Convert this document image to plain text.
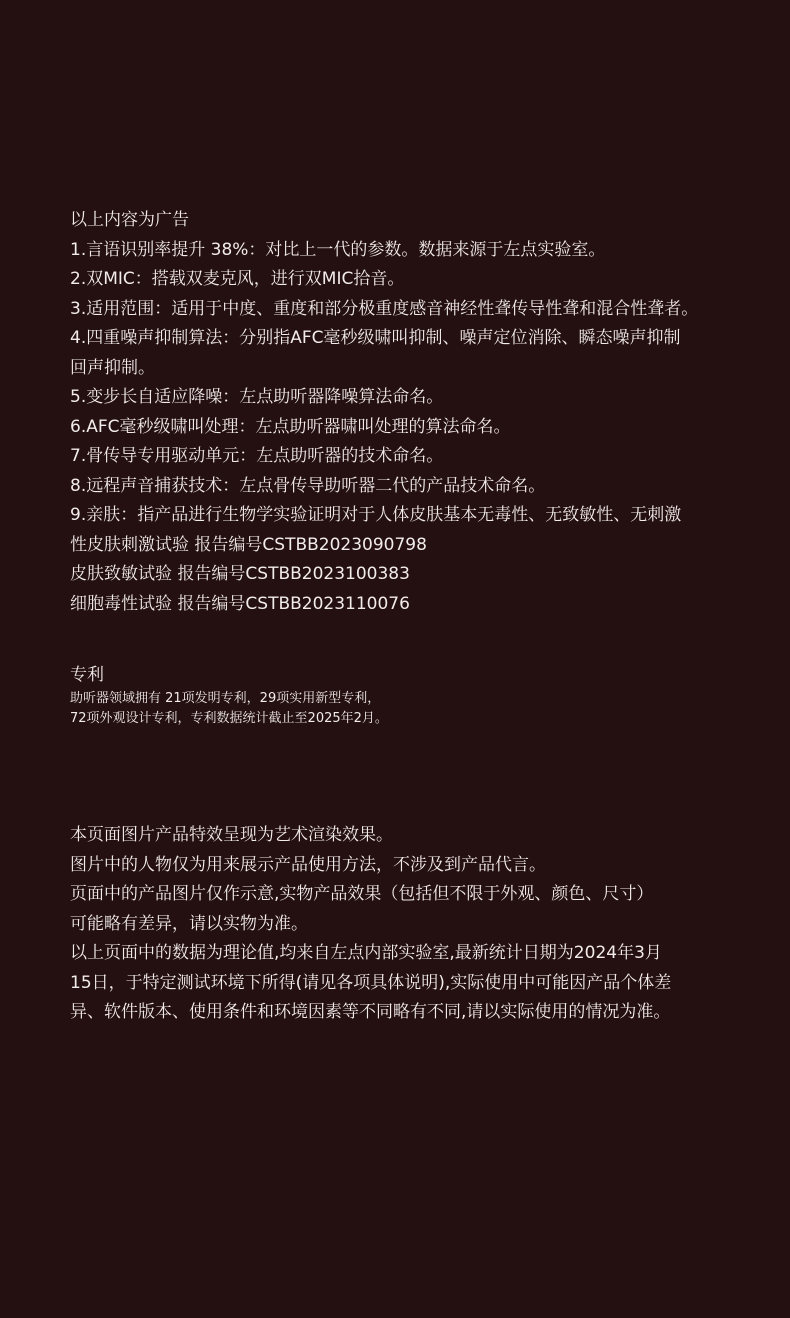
以上内容为广告
1.言语识别率提升 38%：对比上一代的参数。数据来源于左点实验室。
2.双MIC：搭载双麦克风，进行双MIC拾音。
3.适用范围：适用于中度、重度和部分极重度感音神经性聋传导性聋和混合性聋者。
4.四重噪声抑制算法：分别指AFC毫秒级啸叫抑制、噪声定位消除、瞬态噪声抑制
回声抑制。
5.变步长自适应降噪：左点助听器降噪算法命名。
6.AFC毫秒级啸叫处理：左点助听器啸叫处理的算法命名。
7.骨传导专用驱动单元：左点助听器的技术命名。
8.远程声音捕获技术：左点骨传导助听器二代的产品技术命名。
9.亲肤：指产品进行生物学实验证明对于人体皮肤基本无毒性、无致敏性、无刺激
性皮肤刺激试验 报告编号CSTBB2023090798
皮肤致敏试验 报告编号CSTBB2023100383
细胞毒性试验 报告编号CSTBB2023110076
专利
助听器领域拥有 21项发明专利，29项实用新型专利，
72项外观设计专利，专利数据统计截止至2025年2月。
本页面图片产品特效呈现为艺术渲染效果。
图片中的人物仅为用来展示产品使用方法，不涉及到产品代言。
页面中的产品图片仅作示意,实物产品效果（包括但不限于外观、颜色、尺寸）
可能略有差异，请以实物为准。
以上页面中的数据为理论值,均来自左点内部实验室,最新统计日期为2024年3月
15日，于特定测试环境下所得(请见各项具体说明),实际使用中可能因产品个体差
异、软件版本、使用条件和环境因素等不同略有不同,请以实际使用的情况为准。
